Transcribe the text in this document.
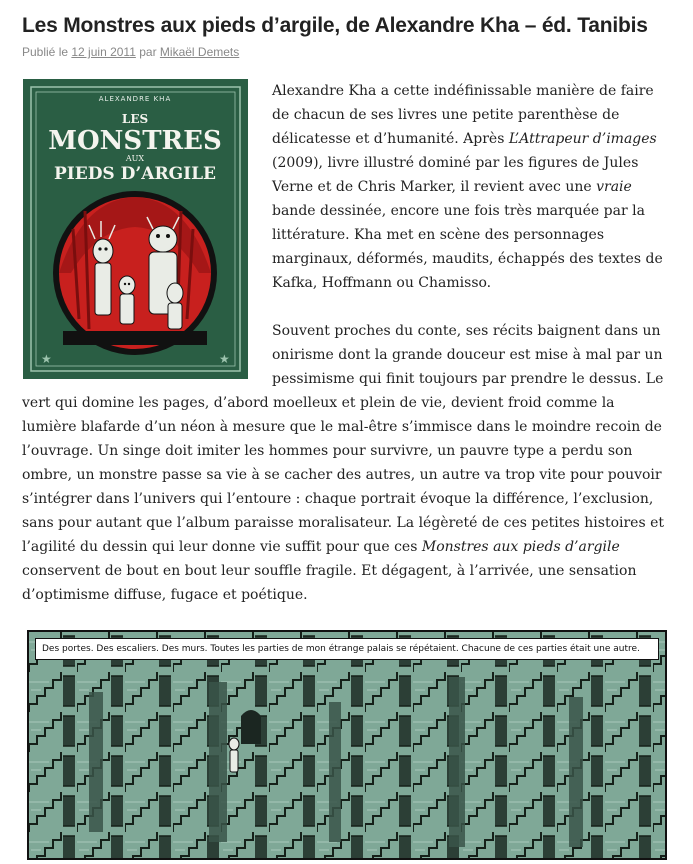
Les Monstres aux pieds d’argile, de Alexandre Kha – éd. Tanibis
Publié le 12 juin 2011 par Mikaël Demets
ALEXANDRE KHA
LES
MONSTRES
AUX
PIEDS D’ARGILE
★	★

Alexandre Kha a cette indéfinissable manière de faire de chacun de ses livres une petite parenthèse de délicatesse et d’humanité. Après L’Attrapeur d’images (2009), livre illustré dominé par les figures de Jules Verne et de Chris Marker, il revient avec une vraie bande dessinée, encore une fois très marquée par la littérature. Kha met en scène des personnages marginaux, déformés, maudits, échappés des textes de Kafka, Hoffmann ou Chamisso.

Souvent proches du conte, ses récits baignent dans un onirisme dont la grande douceur est mise à mal par un pessimisme qui finit toujours par prendre le dessus. Le vert qui domine les pages, d’abord moelleux et plein de vie, devient froid comme la lumière blafarde d’un néon à mesure que le mal-être s’immisce dans le moindre recoin de l’ouvrage. Un singe doit imiter les hommes pour survivre, un pauvre type a perdu son ombre, un monstre passe sa vie à se cacher des autres, un autre va trop vite pour pouvoir s’intégrer dans l’univers qui l’entoure : chaque portrait évoque la différence, l’exclusion, sans pour autant que l’album paraisse moralisateur. La légèreté de ces petites histoires et l’agilité du dessin qui leur donne vie suffit pour que ces Monstres aux pieds d’argile conservent de bout en bout leur souffle fragile. Et dégagent, à l’arrivée, une sensation d’optimisme diffuse, fugace et poétique.

Des portes. Des escaliers. Des murs. Toutes les parties de mon étrange palais se répétaient. Chacune de ces parties était une autre.
